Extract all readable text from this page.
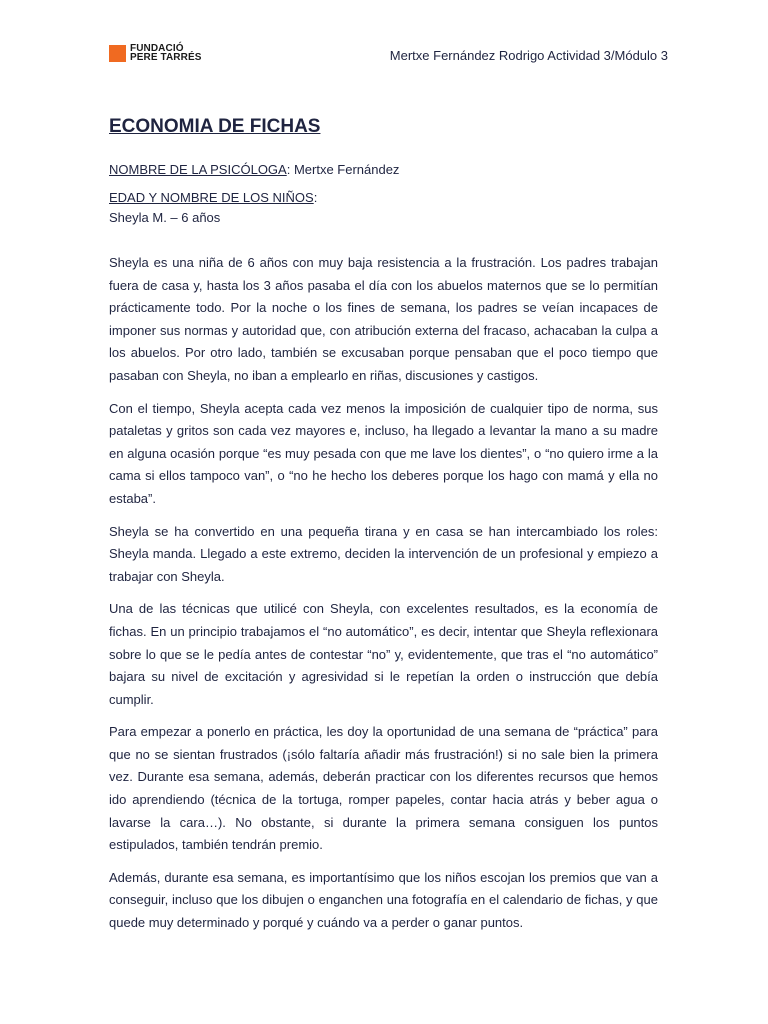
FUNDACIÓ
PERE TARRÉS	Mertxe Fernández Rodrigo Actividad 3/Módulo 3
ECONOMIA DE FICHAS

NOMBRE DE LA PSICÓLOGA: Mertxe Fernández

EDAD Y NOMBRE DE LOS NIÑOS:

Sheyla M. – 6 años

Sheyla es una niña de 6 años con muy baja resistencia a la frustración. Los padres trabajan fuera de casa y, hasta los 3 años pasaba el día con los abuelos maternos que se lo permitían prácticamente todo. Por la noche o los fines de semana, los padres se veían incapaces de imponer sus normas y autoridad que, con atribución externa del fracaso, achacaban la culpa a los abuelos. Por otro lado, también se excusaban porque pensaban que el poco tiempo que pasaban con Sheyla, no iban a emplearlo en riñas, discusiones y castigos.

Con el tiempo, Sheyla acepta cada vez menos la imposición de cualquier tipo de norma, sus pataletas y gritos son cada vez mayores e, incluso, ha llegado a levantar la mano a su madre en alguna ocasión porque “es muy pesada con que me lave los dientes”, o “no quiero irme a la cama si ellos tampoco van”, o “no he hecho los deberes porque los hago con mamá y ella no estaba”.

Sheyla se ha convertido en una pequeña tirana y en casa se han intercambiado los roles: Sheyla manda. Llegado a este extremo, deciden la intervención de un profesional y empiezo a trabajar con Sheyla.

Una de las técnicas que utilicé con Sheyla, con excelentes resultados, es la economía de fichas. En un principio trabajamos el “no automático”, es decir, intentar que Sheyla reflexionara sobre lo que se le pedía antes de contestar “no” y, evidentemente, que tras el “no automático” bajara su nivel de excitación y agresividad si le repetían la orden o instrucción que debía cumplir.

Para empezar a ponerlo en práctica, les doy la oportunidad de una semana de “práctica” para que no se sientan frustrados (¡sólo faltaría añadir más frustración!) si no sale bien la primera vez. Durante esa semana, además, deberán practicar con los diferentes recursos que hemos ido aprendiendo (técnica de la tortuga, romper papeles, contar hacia atrás y beber agua o lavarse la cara…). No obstante, si durante la primera semana consiguen los puntos estipulados, también tendrán premio.

Además, durante esa semana, es importantísimo que los niños escojan los premios que van a conseguir, incluso que los dibujen o enganchen una fotografía en el calendario de fichas, y que quede muy determinado y porqué y cuándo va a perder o ganar puntos.
